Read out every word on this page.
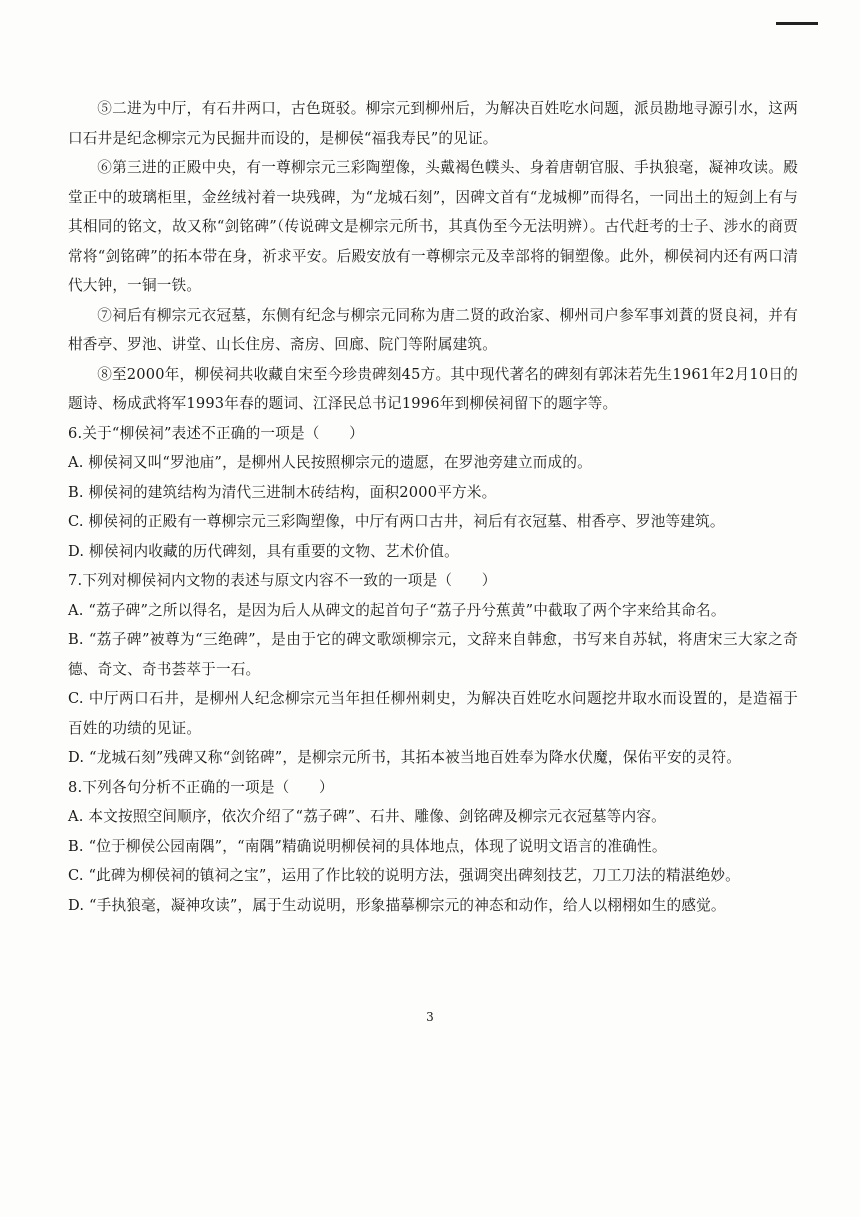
⑤二进为中厅，有石井两口，古色斑驳。柳宗元到柳州后，为解决百姓吃水问题，派员勘地寻源引水，这两口石井是纪念柳宗元为民掘井而设的，是柳侯“福我寿民”的见证。

⑥第三进的正殿中央，有一尊柳宗元三彩陶塑像，头戴褐色幞头、身着唐朝官服、手执狼毫，凝神攻读。殿堂正中的玻璃柜里，金丝绒衬着一块残碑，为“龙城石刻”，因碑文首有“龙城柳”而得名，一同出土的短剑上有与其相同的铭文，故又称“剑铭碑”（传说碑文是柳宗元所书，其真伪至今无法明辨）。古代赶考的士子、涉水的商贾常将“剑铭碑”的拓本带在身，祈求平安。后殿安放有一尊柳宗元及幸部将的铜塑像。此外，柳侯祠内还有两口清代大钟，一铜一铁。

⑦祠后有柳宗元衣冠墓，东侧有纪念与柳宗元同称为唐二贤的政治家、柳州司户参军事刘蕡的贤良祠，并有柑香亭、罗池、讲堂、山长住房、斋房、回廊、院门等附属建筑。

⑧至2000年，柳侯祠共收藏自宋至今珍贵碑刻45方。其中现代著名的碑刻有郭沫若先生1961年2月10日的题诗、杨成武将军1993年春的题词、江泽民总书记1996年到柳侯祠留下的题字等。

6.关于“柳侯祠”表述不正确的一项是（　　）

A. 柳侯祠又叫“罗池庙”，是柳州人民按照柳宗元的遗愿，在罗池旁建立而成的。

B. 柳侯祠的建筑结构为清代三进制木砖结构，面积2000平方米。

C. 柳侯祠的正殿有一尊柳宗元三彩陶塑像，中厅有两口古井，祠后有衣冠墓、柑香亭、罗池等建筑。

D. 柳侯祠内收藏的历代碑刻，具有重要的文物、艺术价值。

7.下列对柳侯祠内文物的表述与原文内容不一致的一项是（　　）

A. “荔子碑”之所以得名，是因为后人从碑文的起首句子“荔子丹兮蕉黄”中截取了两个字来给其命名。

B. “荔子碑”被尊为“三绝碑”，是由于它的碑文歌颂柳宗元，文辞来自韩愈，书写来自苏轼，将唐宋三大家之奇德、奇文、奇书荟萃于一石。

C. 中厅两口石井，是柳州人纪念柳宗元当年担任柳州刺史，为解决百姓吃水问题挖井取水而设置的，是造福于百姓的功绩的见证。

D. “龙城石刻”残碑又称“剑铭碑”，是柳宗元所书，其拓本被当地百姓奉为降水伏魔，保佑平安的灵符。

8.下列各句分析不正确的一项是（　　）

A. 本文按照空间顺序，依次介绍了“荔子碑”、石井、雕像、剑铭碑及柳宗元衣冠墓等内容。

B. “位于柳侯公园南隅”，“南隅”精确说明柳侯祠的具体地点，体现了说明文语言的准确性。

C. “此碑为柳侯祠的镇祠之宝”，运用了作比较的说明方法，强调突出碑刻技艺，刀工刀法的精湛绝妙。

D. “手执狼毫，凝神攻读”，属于生动说明，形象描摹柳宗元的神态和动作，给人以栩栩如生的感觉。

3
